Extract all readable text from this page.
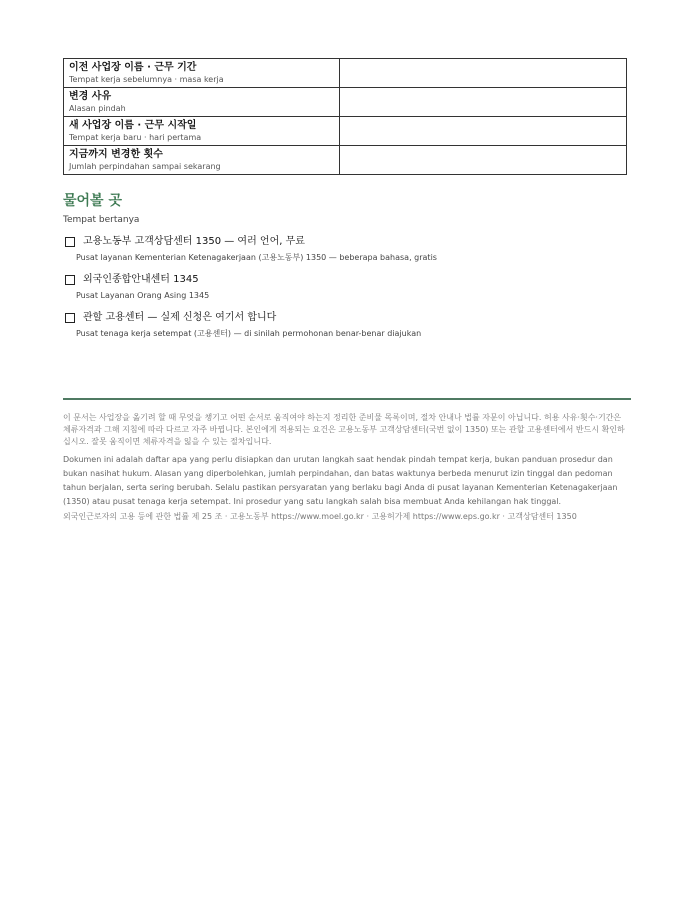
이전 사업장 이름 · 근무 기간
Tempat kerja sebelumnya · masa kerja	

변경 사유
Alasan pindah	

새 사업장 이름 · 근무 시작일
Tempat kerja baru · hari pertama	

지금까지 변경한 횟수
Jumlah perpindahan sampai sekarang	

물어볼 곳
Tempat bertanya
고용노동부 고객상담센터 1350 — 여러 언어, 무료
Pusat layanan Kementerian Ketenagakerjaan (고용노동부) 1350 — beberapa bahasa, gratis
외국인종합안내센터 1345
Pusat Layanan Orang Asing 1345
관할 고용센터 — 실제 신청은 여기서 합니다
Pusat tenaga kerja setempat (고용센터) — di sinilah permohonan benar-benar diajukan
이 문서는 사업장을 옮기려 할 때 무엇을 챙기고 어떤 순서로 움직여야 하는지 정리한 준비물 목록이며, 절차 안내나 법률 자문이 아닙니다. 허용 사유·횟수·기간은 체류자격과 그해 지침에 따라 다르고 자주 바뀝니다. 본인에게 적용되는 요건은 고용노동부 고객상담센터(국번 없이 1350) 또는 관할 고용센터에서 반드시 확인하십시오. 잘못 움직이면 체류자격을 잃을 수 있는 절차입니다.
Dokumen ini adalah daftar apa yang perlu disiapkan dan urutan langkah saat hendak pindah tempat kerja, bukan panduan prosedur dan bukan nasihat hukum. Alasan yang diperbolehkan, jumlah perpindahan, dan batas waktunya berbeda menurut izin tinggal dan pedoman tahun berjalan, serta sering berubah. Selalu pastikan persyaratan yang berlaku bagi Anda di pusat layanan Kementerian Ketenagakerjaan (1350) atau pusat tenaga kerja setempat. Ini prosedur yang satu langkah salah bisa membuat Anda kehilangan hak tinggal.
외국인근로자의 고용 등에 관한 법률 제 25 조 · 고용노동부 https://www.moel.go.kr · 고용허가제 https://www.eps.go.kr · 고객상담센터 1350
